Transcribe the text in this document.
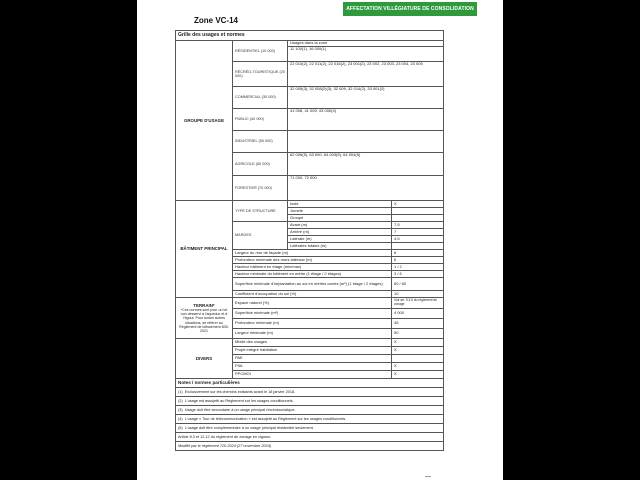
AFFECTATION VILLÉGIATURE DE CONSOLIDATION
Zone VC-14
Grille des usages et normes			
GROUPE D'USAGE	RÉSIDENTIEL (10 000)	Usages dans la zone	
		11 100(1), 16 000(1)	
	RÉCRÉO-TOURISTIQUE (20 000)	22 010(2), 22 011(2), 22 016(2), 23 001(2), 23 002, 23 003, 23 004, 23 005	

	COMMERCIAL (30 000)	32 005(3), 32 008(2)(3), 32 009, 32 014(2), 33 001(2)	

	PUBLIC (40 000)	41 008, 41 009, 43 000(4)	

	INDUSTRIEL (50 000)		

	AGRICOLE (60 000)	62 006(5), 63 000, 64 003(5), 64 004(5)	

	FORESTIER (70 000)	71 000, 72 000	

BÂTIMENT PRINCIPAL	TYPE DE STRUCTURE	Isolé	X
		Jumelé	
		Groupé	
	MARGES	Avant (m)	7,5
		Arrière (m)	7
		Latérale (m)	4,5
		Latérales totales (m)	
	Largeur du mur de façade (m)		8
	Profondeur minimale des murs latéraux (m)		6
	Hauteur bâtiment en étage (min/max)		1 / 2
	Hauteur minimale du bâtiment en mètre (1 étage / 2 étages)		3 / 6
	Superficie minimale d'implantation au sol en mètres carrés (m²) (1 étage / 2 étages)		60 / 60
	Coefficient d'occupation du sol (%)		10

TERRAIN*
*Ces normes sont pour un lot non desservi à l'aqueduc et à l'égout. Pour toutes autres situations, se référer au Règlement de lotissement 605-2021	Espace naturel (%)		Voir art. 5.3.5 du règlement de zonage
	Superficie minimale (m²)		4 000
	Profondeur minimale (m)		45
	Largeur minimale (m)		50
DIVERS	Mixité des usages		X
	Projet intégré habitation		X
	PAE		
	PIIA		X
	PPCMOI		X
Notes / normes particulières			
(1) Exclusivement sur les chemins existants avant le 18 janvier 2018.			
(2) L'usage est assujetti au Règlement sur les usages conditionnels.			
(3) Usage doit être secondaire à un usage principal récréotouristique.			
(4) L'usage « Tour de télécommunication » est assujetti au Règlement sur les usages conditionnels.			
(5) L'usage doit être complémentaire à un usage principal résidentiel seulement.			
Article 8.3 et 12.12 du règlement de zonage en vigueur.			
Modifié par le règlement 720-2024 (27 novembre 2024)			
